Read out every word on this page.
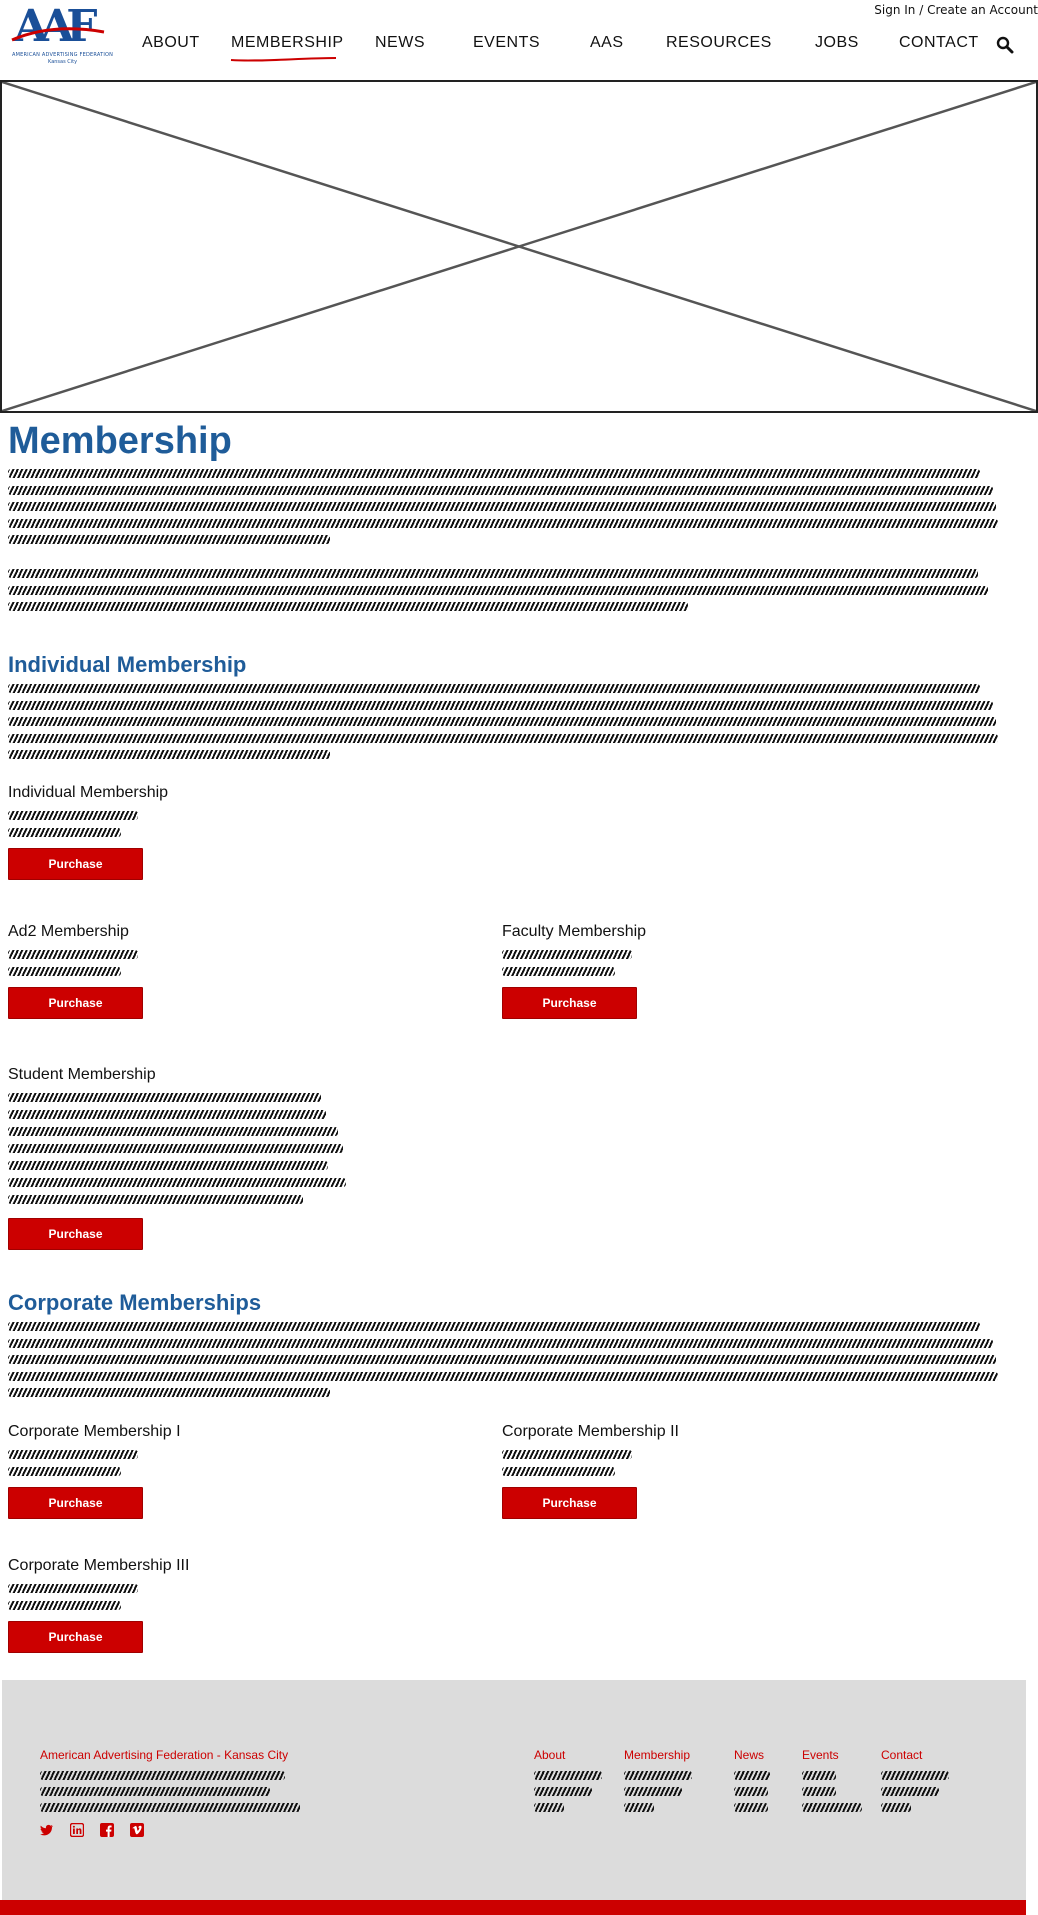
Sign In / Create an Account
AAF
AMERICAN ADVERTISING FEDERATION
Kansas City
ABOUT MEMBERSHIP NEWS	EVENTS	AAS	RESOURCES	JOBS	CONTACT
Membership
Individual Membership
Individual Membership
Purchase
Ad2 Membership
Purchase
Faculty Membership
Purchase
Student Membership
Purchase
Corporate Memberships
Corporate Membership I
Purchase
Corporate Membership II
Purchase
Corporate Membership III
Purchase
American Advertising Federation - Kansas City	About	Membership	News	Events	Contact
